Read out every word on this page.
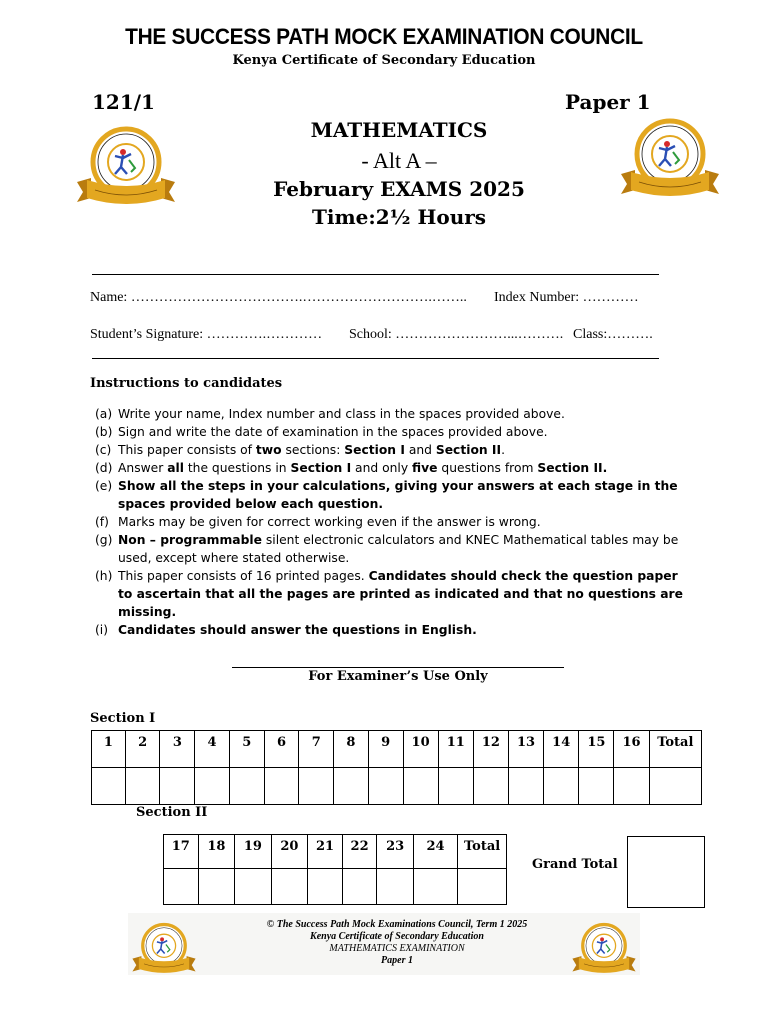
THE SUCCESS PATH MOCK EXAMINATION COUNCIL
Kenya Certificate of Secondary Education
121/1	Paper 1
MATHEMATICS
- Alt A –
February EXAMS 2025
Time:2½ Hours
Name: ……………………………….……………………….…….. Index Number: …………
Student’s Signature: ………….………… School: ……………………...………. Class:……….
Instructions to candidates
(a) Write your name, Index number and class in the spaces provided above.
(b) Sign and write the date of examination in the spaces provided above.
(c) This paper consists of two sections: Section I and Section II.
(d) Answer all the questions in Section I and only five questions from Section II.
(e) Show all the steps in your calculations, giving your answers at each stage in the spaces provided below each question.
(f) Marks may be given for correct working even if the answer is wrong.
(g) Non – programmable silent electronic calculators and KNEC Mathematical tables may be used, except where stated otherwise.
(h) This paper consists of 16 printed pages. Candidates should check the question paper to ascertain that all the pages are printed as indicated and that no questions are missing.
(i) Candidates should answer the questions in English.
For Examiner’s Use Only
Section I
1	2	3	4	5	6	7	8	9	10	11	12	13	14	15	16	Total

Section II
17	18	19	20	21	22	23	24	Total

Grand Total
© The Success Path Mock Examinations Council, Term 1 2025
Kenya Certificate of Secondary Education
MATHEMATICS EXAMINATION
Paper 1
